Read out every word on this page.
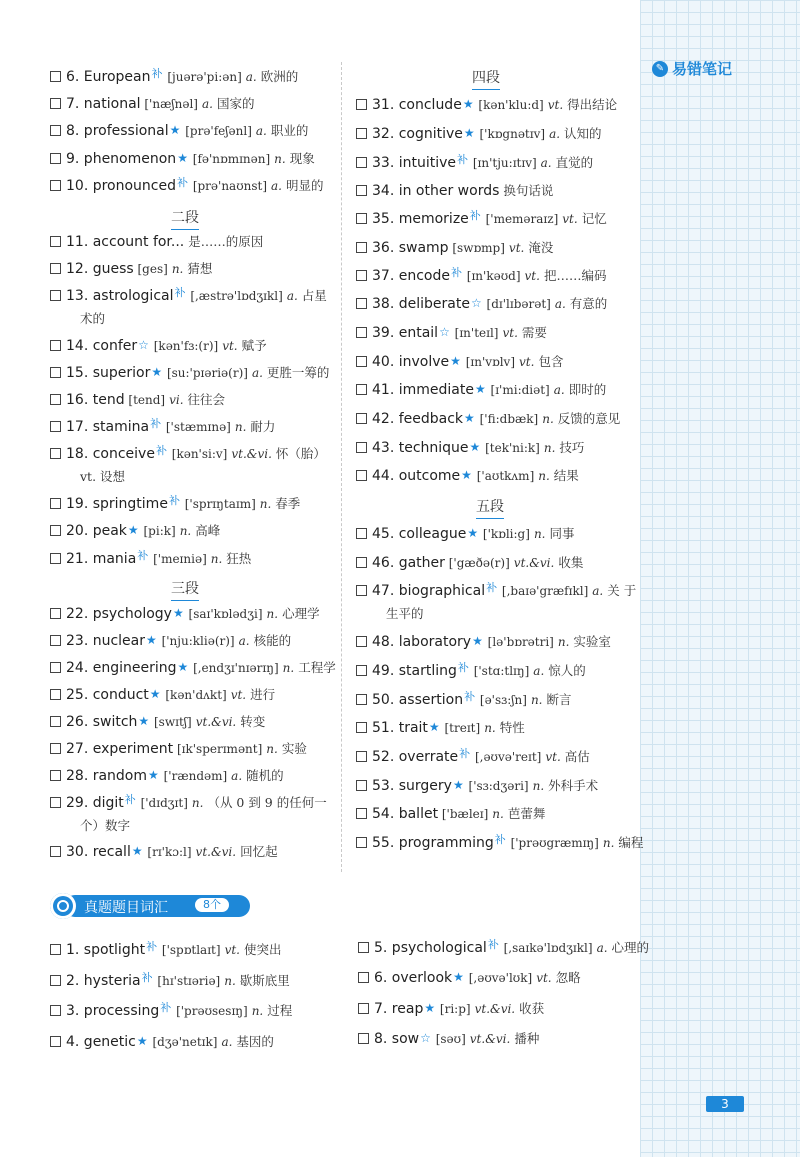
✎ 易错笔记
二段
三段
四段
五段
6. European$^补$ [juərə'pi:ən] a. 欧洲的
7. national ['næʃnəl] a. 国家的
8. professional★ [prə'feʃənl] a. 职业的
9. phenomenon★ [fə'nɒmɪnən] n. 现象
10. pronounced$^补$ [prə'naʊnst] a. 明显的
11. account for... 是……的原因
12. guess [ges] n. 猜想
13. astrological$^补$ [,æstrə'lɒdʒɪkl] a. 占星
术的
14. confer☆ [kən'fɜ:(r)] vt. 赋予
15. superior★ [su:'pɪəriə(r)] a. 更胜一筹的
16. tend [tend] vi. 往往会
17. stamina$^补$ ['stæmɪnə] n. 耐力
18. conceive$^补$ [kən'si:v] vt.&vi. 怀（胎）
vt. 设想
19. springtime$^补$ ['sprɪŋtaɪm] n. 春季
20. peak★ [pi:k] n. 高峰
21. mania$^补$ ['meɪniə] n. 狂热
22. psychology★ [saɪ'kɒlədʒi] n. 心理学
23. nuclear★ ['nju:kliə(r)] a. 核能的
24. engineering★ [,endʒɪ'nɪərɪŋ] n. 工程学
25. conduct★ [kən'dʌkt] vt. 进行
26. switch★ [swɪtʃ] vt.&vi. 转变
27. experiment [ɪk'sperɪmənt] n. 实验
28. random★ ['rændəm] a. 随机的
29. digit$^补$ ['dɪdʒɪt] n. （从 0 到 9 的任何一
个）数字
30. recall★ [rɪ'kɔ:l] vt.&vi. 回忆起
31. conclude★ [kən'klu:d] vt. 得出结论
32. cognitive★ ['kɒgnətɪv] a. 认知的
33. intuitive$^补$ [ɪn'tju:ɪtɪv] a. 直觉的
34. in other words 换句话说
35. memorize$^补$ ['meməraɪz] vt. 记忆
36. swamp [swɒmp] vt. 淹没
37. encode$^补$ [ɪn'kəʊd] vt. 把……编码
38. deliberate☆ [dɪ'lɪbərət] a. 有意的
39. entail☆ [ɪn'teɪl] vt. 需要
40. involve★ [ɪn'vɒlv] vt. 包含
41. immediate★ [ɪ'mi:diət] a. 即时的
42. feedback★ ['fi:dbæk] n. 反馈的意见
43. technique★ [tek'ni:k] n. 技巧
44. outcome★ ['aʊtkʌm] n. 结果
45. colleague★ ['kɒli:g] n. 同事
46. gather ['gæðə(r)] vt.&vi. 收集
47. biographical$^补$ [,baɪə'græfɪkl] a. 关 于
生平的
48. laboratory★ [lə'bɒrətri] n. 实验室
49. startling$^补$ ['stɑ:tlɪŋ] a. 惊人的
50. assertion$^补$ [ə'sɜ:ʃn] n. 断言
51. trait★ [treɪt] n. 特性
52. overrate$^补$ [,əʊvə'reɪt] vt. 高估
53. surgery★ ['sɜ:dʒəri] n. 外科手术
54. ballet ['bæleɪ] n. 芭蕾舞
55. programming$^补$ ['prəʊgræmɪŋ] n. 编程
真题题目词汇	8个
1. spotlight$^补$ ['spɒtlaɪt] vt. 使突出
2. hysteria$^补$ [hɪ'stɪəriə] n. 歇斯底里
3. processing$^补$ ['prəʊsesɪŋ] n. 过程
4. genetic★ [dʒə'netɪk] a. 基因的
5. psychological$^补$ [,saɪkə'lɒdʒɪkl] a. 心理的
6. overlook★ [,əʊvə'lʊk] vt. 忽略
7. reap★ [ri:p] vt.&vi. 收获
8. sow☆ [səʊ] vt.&vi. 播种
3
